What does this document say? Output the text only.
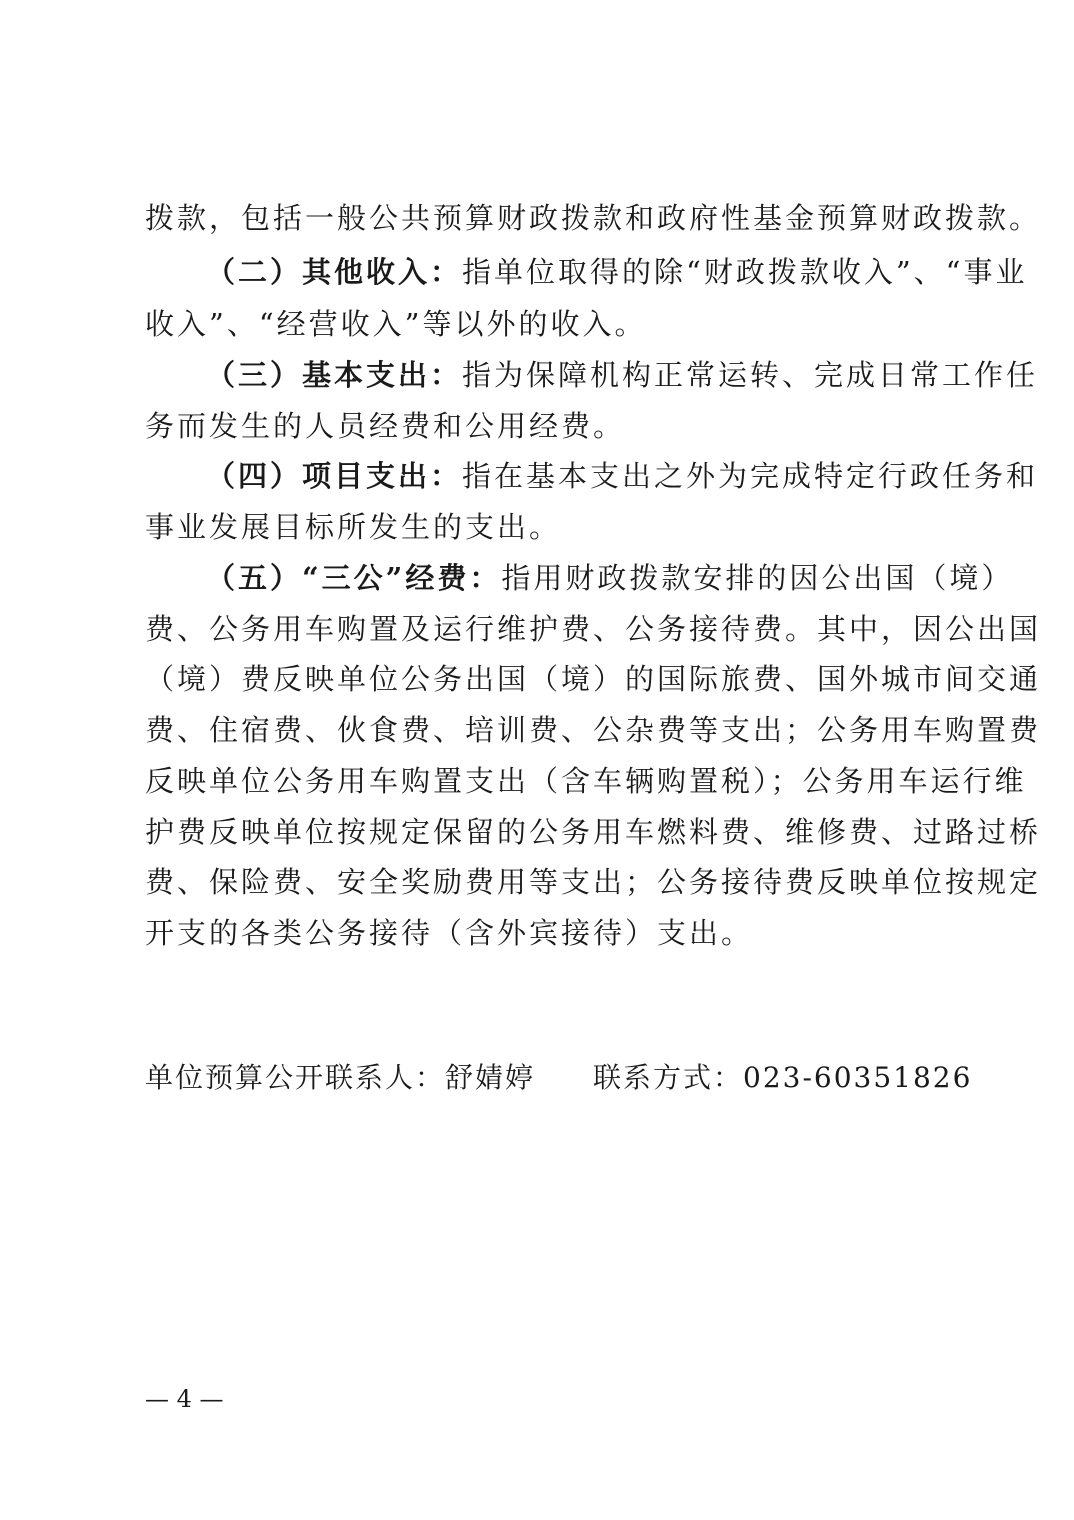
拨款，包括一般公共预算财政拨款和政府性基金预算财政拨款。
（二）其他收入：指单位取得的除“财政拨款收入”、“事业
收入”、“经营收入”等以外的收入。
（三）基本支出：指为保障机构正常运转、完成日常工作任
务而发生的人员经费和公用经费。
（四）项目支出：指在基本支出之外为完成特定行政任务和
事业发展目标所发生的支出。
（五）“三公”经费：指用财政拨款安排的因公出国（境）
费、公务用车购置及运行维护费、公务接待费。其中，因公出国
（境）费反映单位公务出国（境）的国际旅费、国外城市间交通
费、住宿费、伙食费、培训费、公杂费等支出；公务用车购置费
反映单位公务用车购置支出（含车辆购置税）；公务用车运行维
护费反映单位按规定保留的公务用车燃料费、维修费、过路过桥
费、保险费、安全奖励费用等支出；公务接待费反映单位按规定
开支的各类公务接待（含外宾接待）支出。
单位预算公开联系人：舒婧婷 联系方式：023-60351826
— 4 —
